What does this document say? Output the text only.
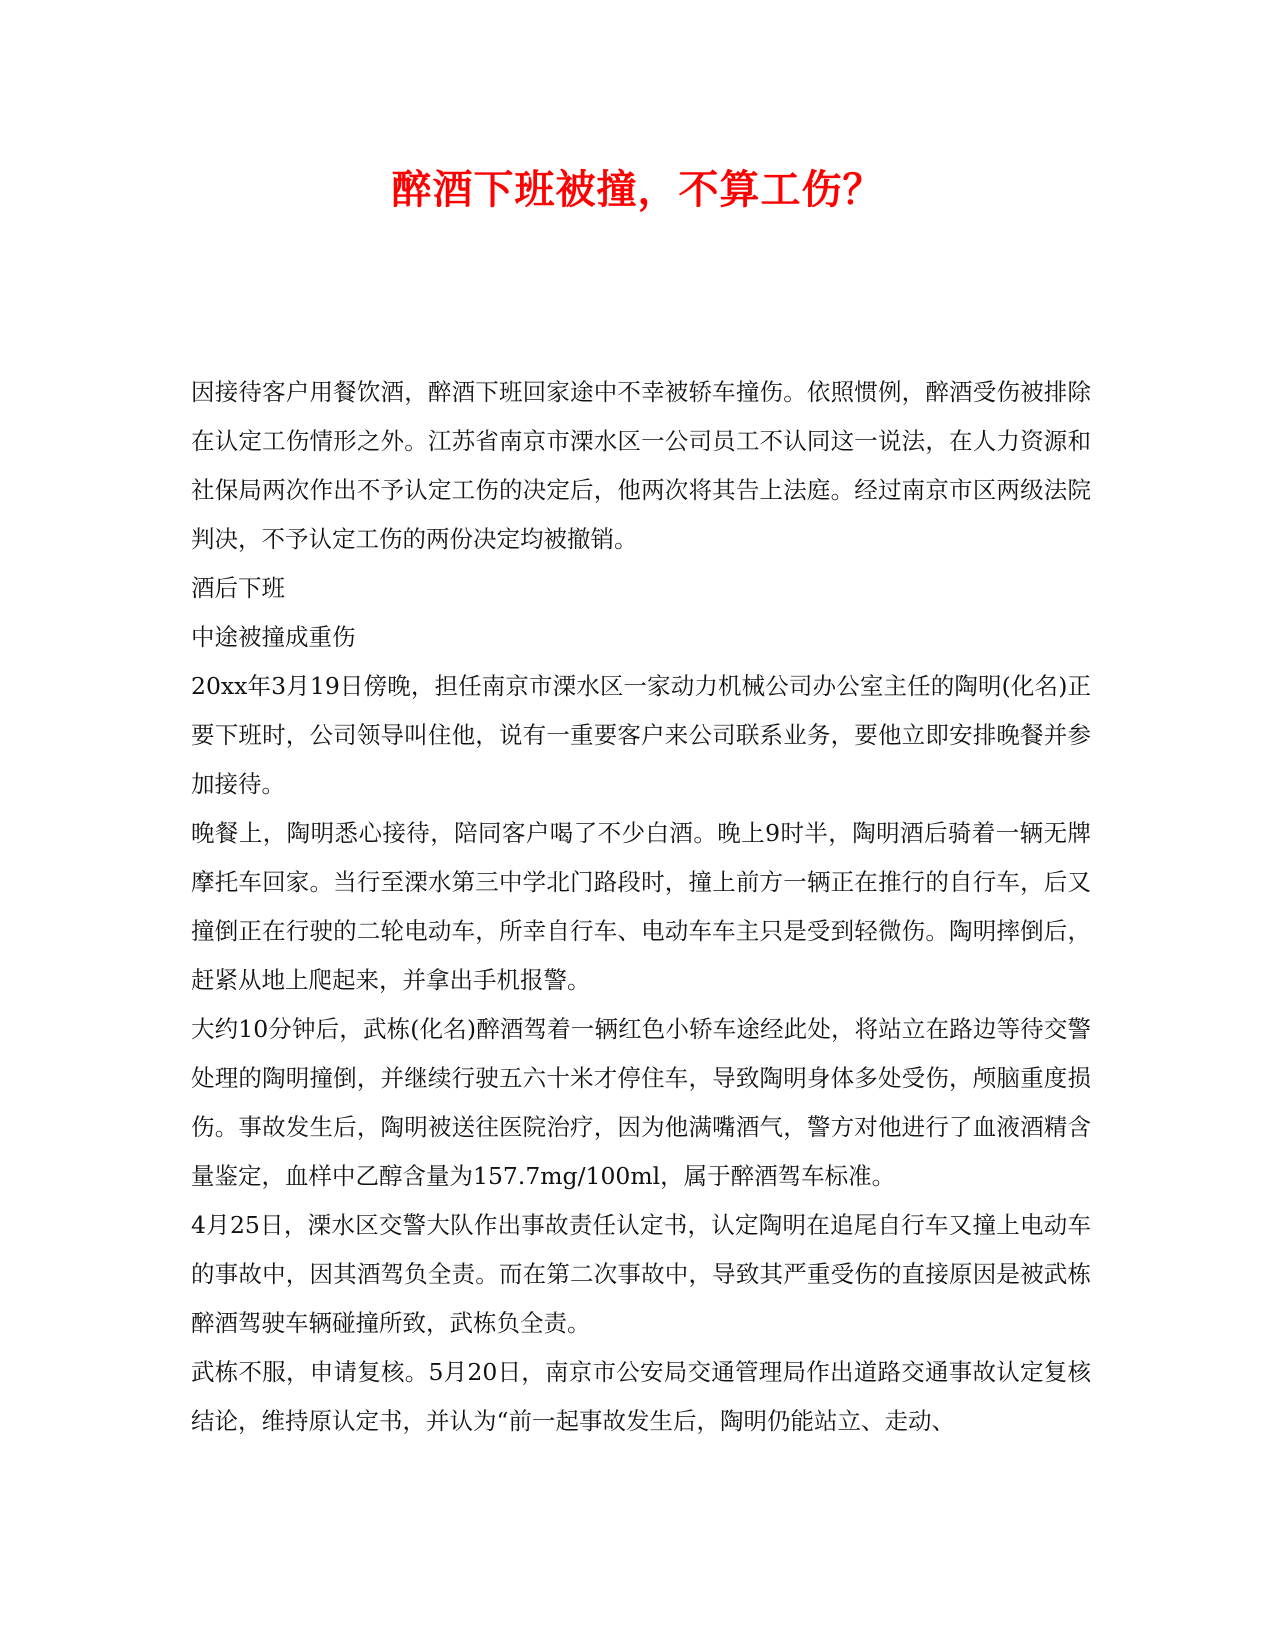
醉酒下班被撞，不算工伤？

因接待客户用餐饮酒，醉酒下班回家途中不幸被轿车撞伤。依照惯例，醉酒受伤被排除在认定工伤情形之外。江苏省南京市溧水区一公司员工不认同这一说法，在人力资源和社保局两次作出不予认定工伤的决定后，他两次将其告上法庭。经过南京市区两级法院判决，不予认定工伤的两份决定均被撤销。

酒后下班

中途被撞成重伤

20xx年3月19日傍晚，担任南京市溧水区一家动力机械公司办公室主任的陶明(化名)正要下班时，公司领导叫住他，说有一重要客户来公司联系业务，要他立即安排晚餐并参加接待。

晚餐上，陶明悉心接待，陪同客户喝了不少白酒。晚上9时半，陶明酒后骑着一辆无牌摩托车回家。当行至溧水第三中学北门路段时，撞上前方一辆正在推行的自行车，后又撞倒正在行驶的二轮电动车，所幸自行车、电动车车主只是受到轻微伤。陶明摔倒后，赶紧从地上爬起来，并拿出手机报警。

大约10分钟后，武栋(化名)醉酒驾着一辆红色小轿车途经此处，将站立在路边等待交警处理的陶明撞倒，并继续行驶五六十米才停住车，导致陶明身体多处受伤，颅脑重度损伤。事故发生后，陶明被送往医院治疗，因为他满嘴酒气，警方对他进行了血液酒精含量鉴定，血样中乙醇含量为157.7mg/100ml，属于醉酒驾车标准。

4月25日，溧水区交警大队作出事故责任认定书，认定陶明在追尾自行车又撞上电动车的事故中，因其酒驾负全责。而在第二次事故中，导致其严重受伤的直接原因是被武栋醉酒驾驶车辆碰撞所致，武栋负全责。

武栋不服，申请复核。5月20日，南京市公安局交通管理局作出道路交通事故认定复核结论，维持原认定书，并认为“前一起事故发生后，陶明仍能站立、走动、
